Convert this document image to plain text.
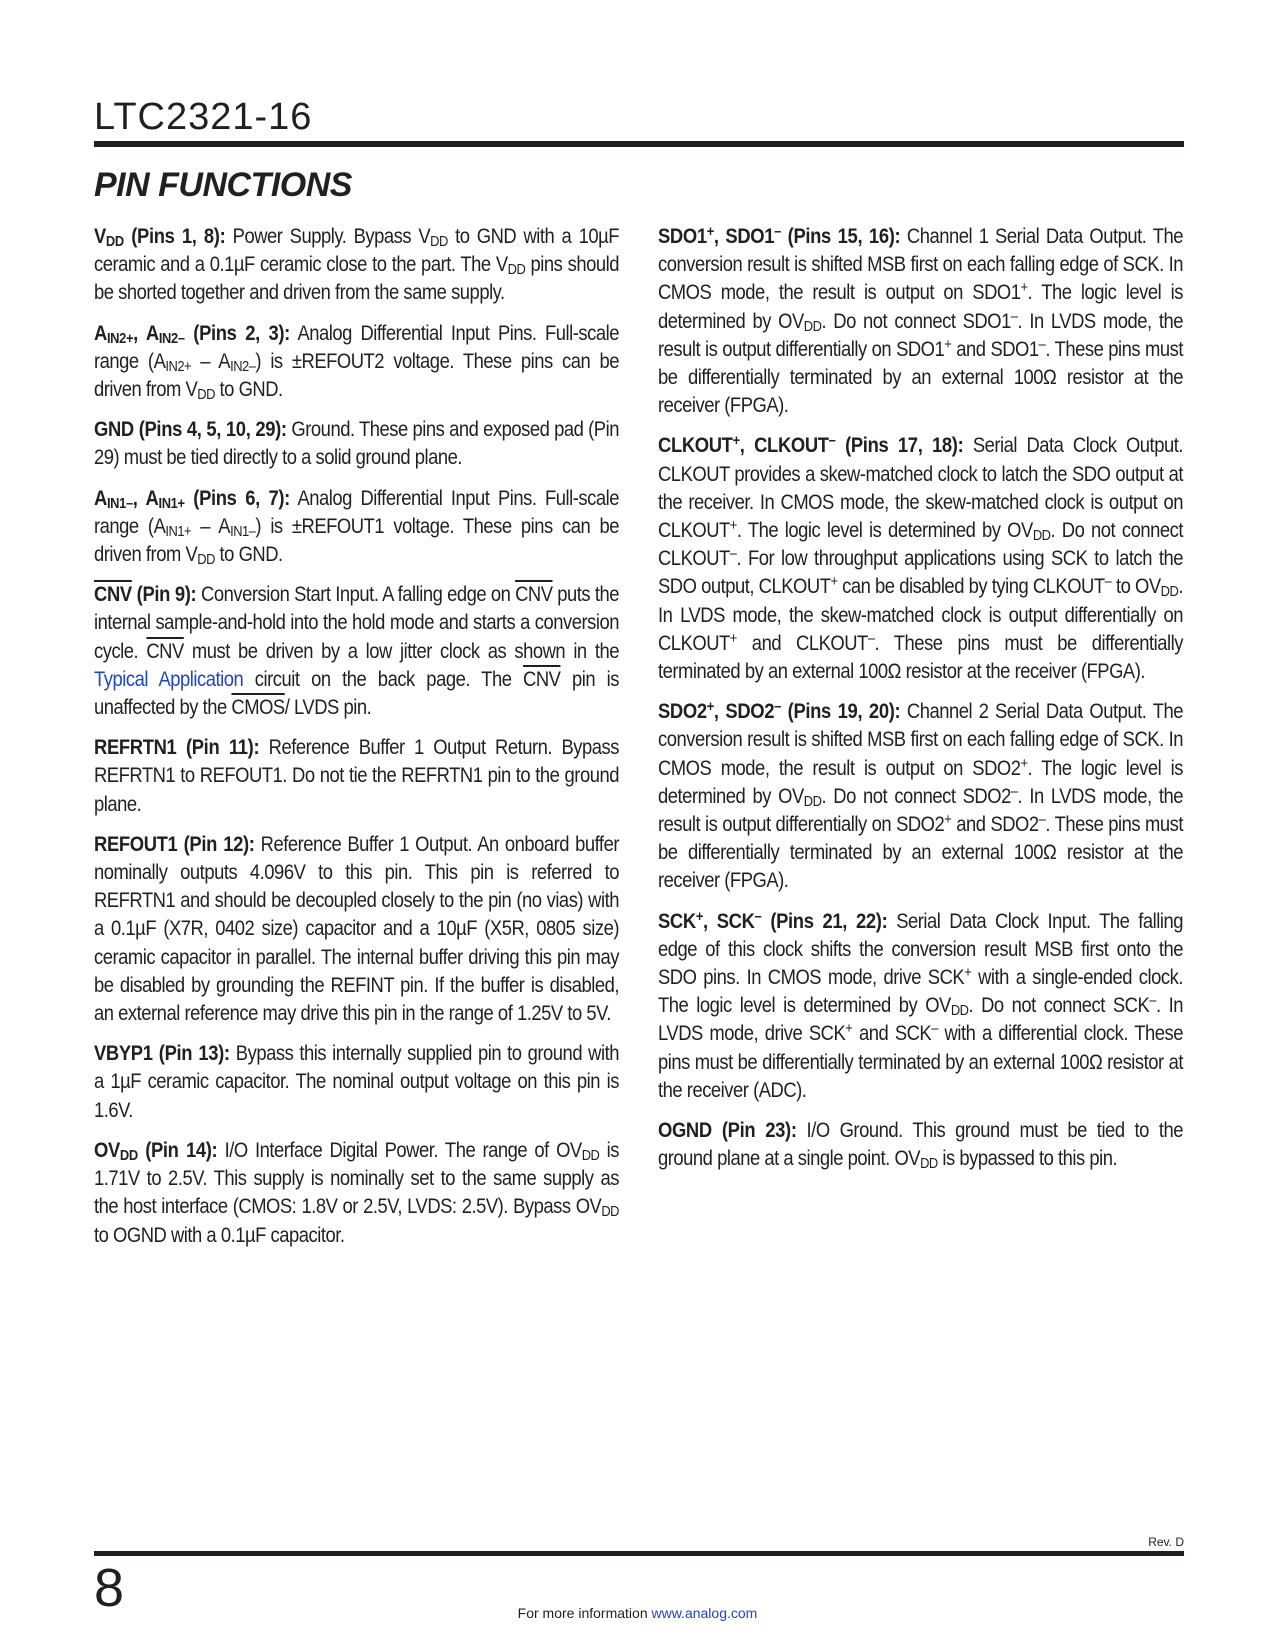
LTC2321-16
PIN FUNCTIONS

$V_{DD}$ (Pins 1, 8): Power Supply. Bypass $V_{DD}$ to GND with a 10µF ceramic and a 0.1µF ceramic close to the part. The $V_{DD}$ pins should be shorted together and driven from the same supply.

$A_{IN2+}$, $A_{IN2-}$ (Pins 2, 3): Analog Differential Input Pins. Full-scale range $(A_{IN2+} - A_{IN2-})$ is ±REFOUT2 voltage. These pins can be driven from $V_{DD}$ to GND.

GND (Pins 4, 5, 10, 29): Ground. These pins and exposed pad (Pin 29) must be tied directly to a solid ground plane.

$A_{IN1-}$, $A_{IN1+}$ (Pins 6, 7): Analog Differential Input Pins. Full-scale range $(A_{IN1+} - A_{IN1-})$ is ±REFOUT1 voltage. These pins can be driven from $V_{DD}$ to GND.

$\overline{CNV}$ (Pin 9): Conversion Start Input. A falling edge on $\overline{CNV}$ puts the internal sample-and-hold into the hold mode and starts a conversion cycle. $\overline{CNV}$ must be driven by a low jitter clock as shown in the Typical Application circuit on the back page. The $\overline{CNV}$ pin is unaffected by the CMOS/ LVDS pin.

REFRTN1 (Pin 11): Reference Buffer 1 Output Return. Bypass REFRTN1 to REFOUT1. Do not tie the REFRTN1 pin to the ground plane.

REFOUT1 (Pin 12): Reference Buffer 1 Output. An onboard buffer nominally outputs 4.096V to this pin. This pin is referred to REFRTN1 and should be decoupled closely to the pin (no vias) with a 0.1µF (X7R, 0402 size) capacitor and a 10µF (X5R, 0805 size) ceramic capacitor in parallel. The internal buffer driving this pin may be disabled by grounding the REFINT pin. If the buffer is disabled, an external reference may drive this pin in the range of 1.25V to 5V.

VBYP1 (Pin 13): Bypass this internally supplied pin to ground with a 1µF ceramic capacitor. The nominal output voltage on this pin is 1.6V.

$OV_{DD}$ (Pin 14): I/O Interface Digital Power. The range of $OV_{DD}$ is 1.71V to 2.5V. This supply is nominally set to the same supply as the host interface (CMOS: 1.8V or 2.5V, LVDS: 2.5V). Bypass $OV_{DD}$ to OGND with a 0.1µF capacitor.

SDO1+, SDO1– (Pins 15, 16): Channel 1 Serial Data Output. The conversion result is shifted MSB first on each falling edge of SCK. In CMOS mode, the result is output on SDO1+. The logic level is determined by $OV_{DD}$. Do not connect SDO1–. In LVDS mode, the result is output differentially on SDO1+ and SDO1–. These pins must be differentially terminated by an external 100Ω resistor at the receiver (FPGA).

CLKOUT+, CLKOUT– (Pins 17, 18): Serial Data Clock Output. CLKOUT provides a skew-matched clock to latch the SDO output at the receiver. In CMOS mode, the skew-matched clock is output on CLKOUT+. The logic level is determined by $OV_{DD}$. Do not connect CLKOUT–. For low throughput applications using SCK to latch the SDO output, CLKOUT+ can be disabled by tying CLKOUT– to $OV_{DD}$. In LVDS mode, the skew-matched clock is output differentially on CLKOUT+ and CLKOUT–. These pins must be differentially terminated by an external 100Ω resistor at the receiver (FPGA).

SDO2+, SDO2– (Pins 19, 20): Channel 2 Serial Data Output. The conversion result is shifted MSB first on each falling edge of SCK. In CMOS mode, the result is output on SDO2+. The logic level is determined by $OV_{DD}$. Do not connect SDO2–. In LVDS mode, the result is output differentially on SDO2+ and SDO2–. These pins must be differentially terminated by an external 100Ω resistor at the receiver (FPGA).

SCK+, SCK– (Pins 21, 22): Serial Data Clock Input. The falling edge of this clock shifts the conversion result MSB first onto the SDO pins. In CMOS mode, drive SCK+ with a single-ended clock. The logic level is determined by $OV_{DD}$. Do not connect SCK–. In LVDS mode, drive SCK+ and SCK– with a differential clock. These pins must be differentially terminated by an external 100Ω resistor at the receiver (ADC).

OGND (Pin 23): I/O Ground. This ground must be tied to the ground plane at a single point. $OV_{DD}$ is bypassed to this pin.

Rev. D
8	For more information www.analog.com
